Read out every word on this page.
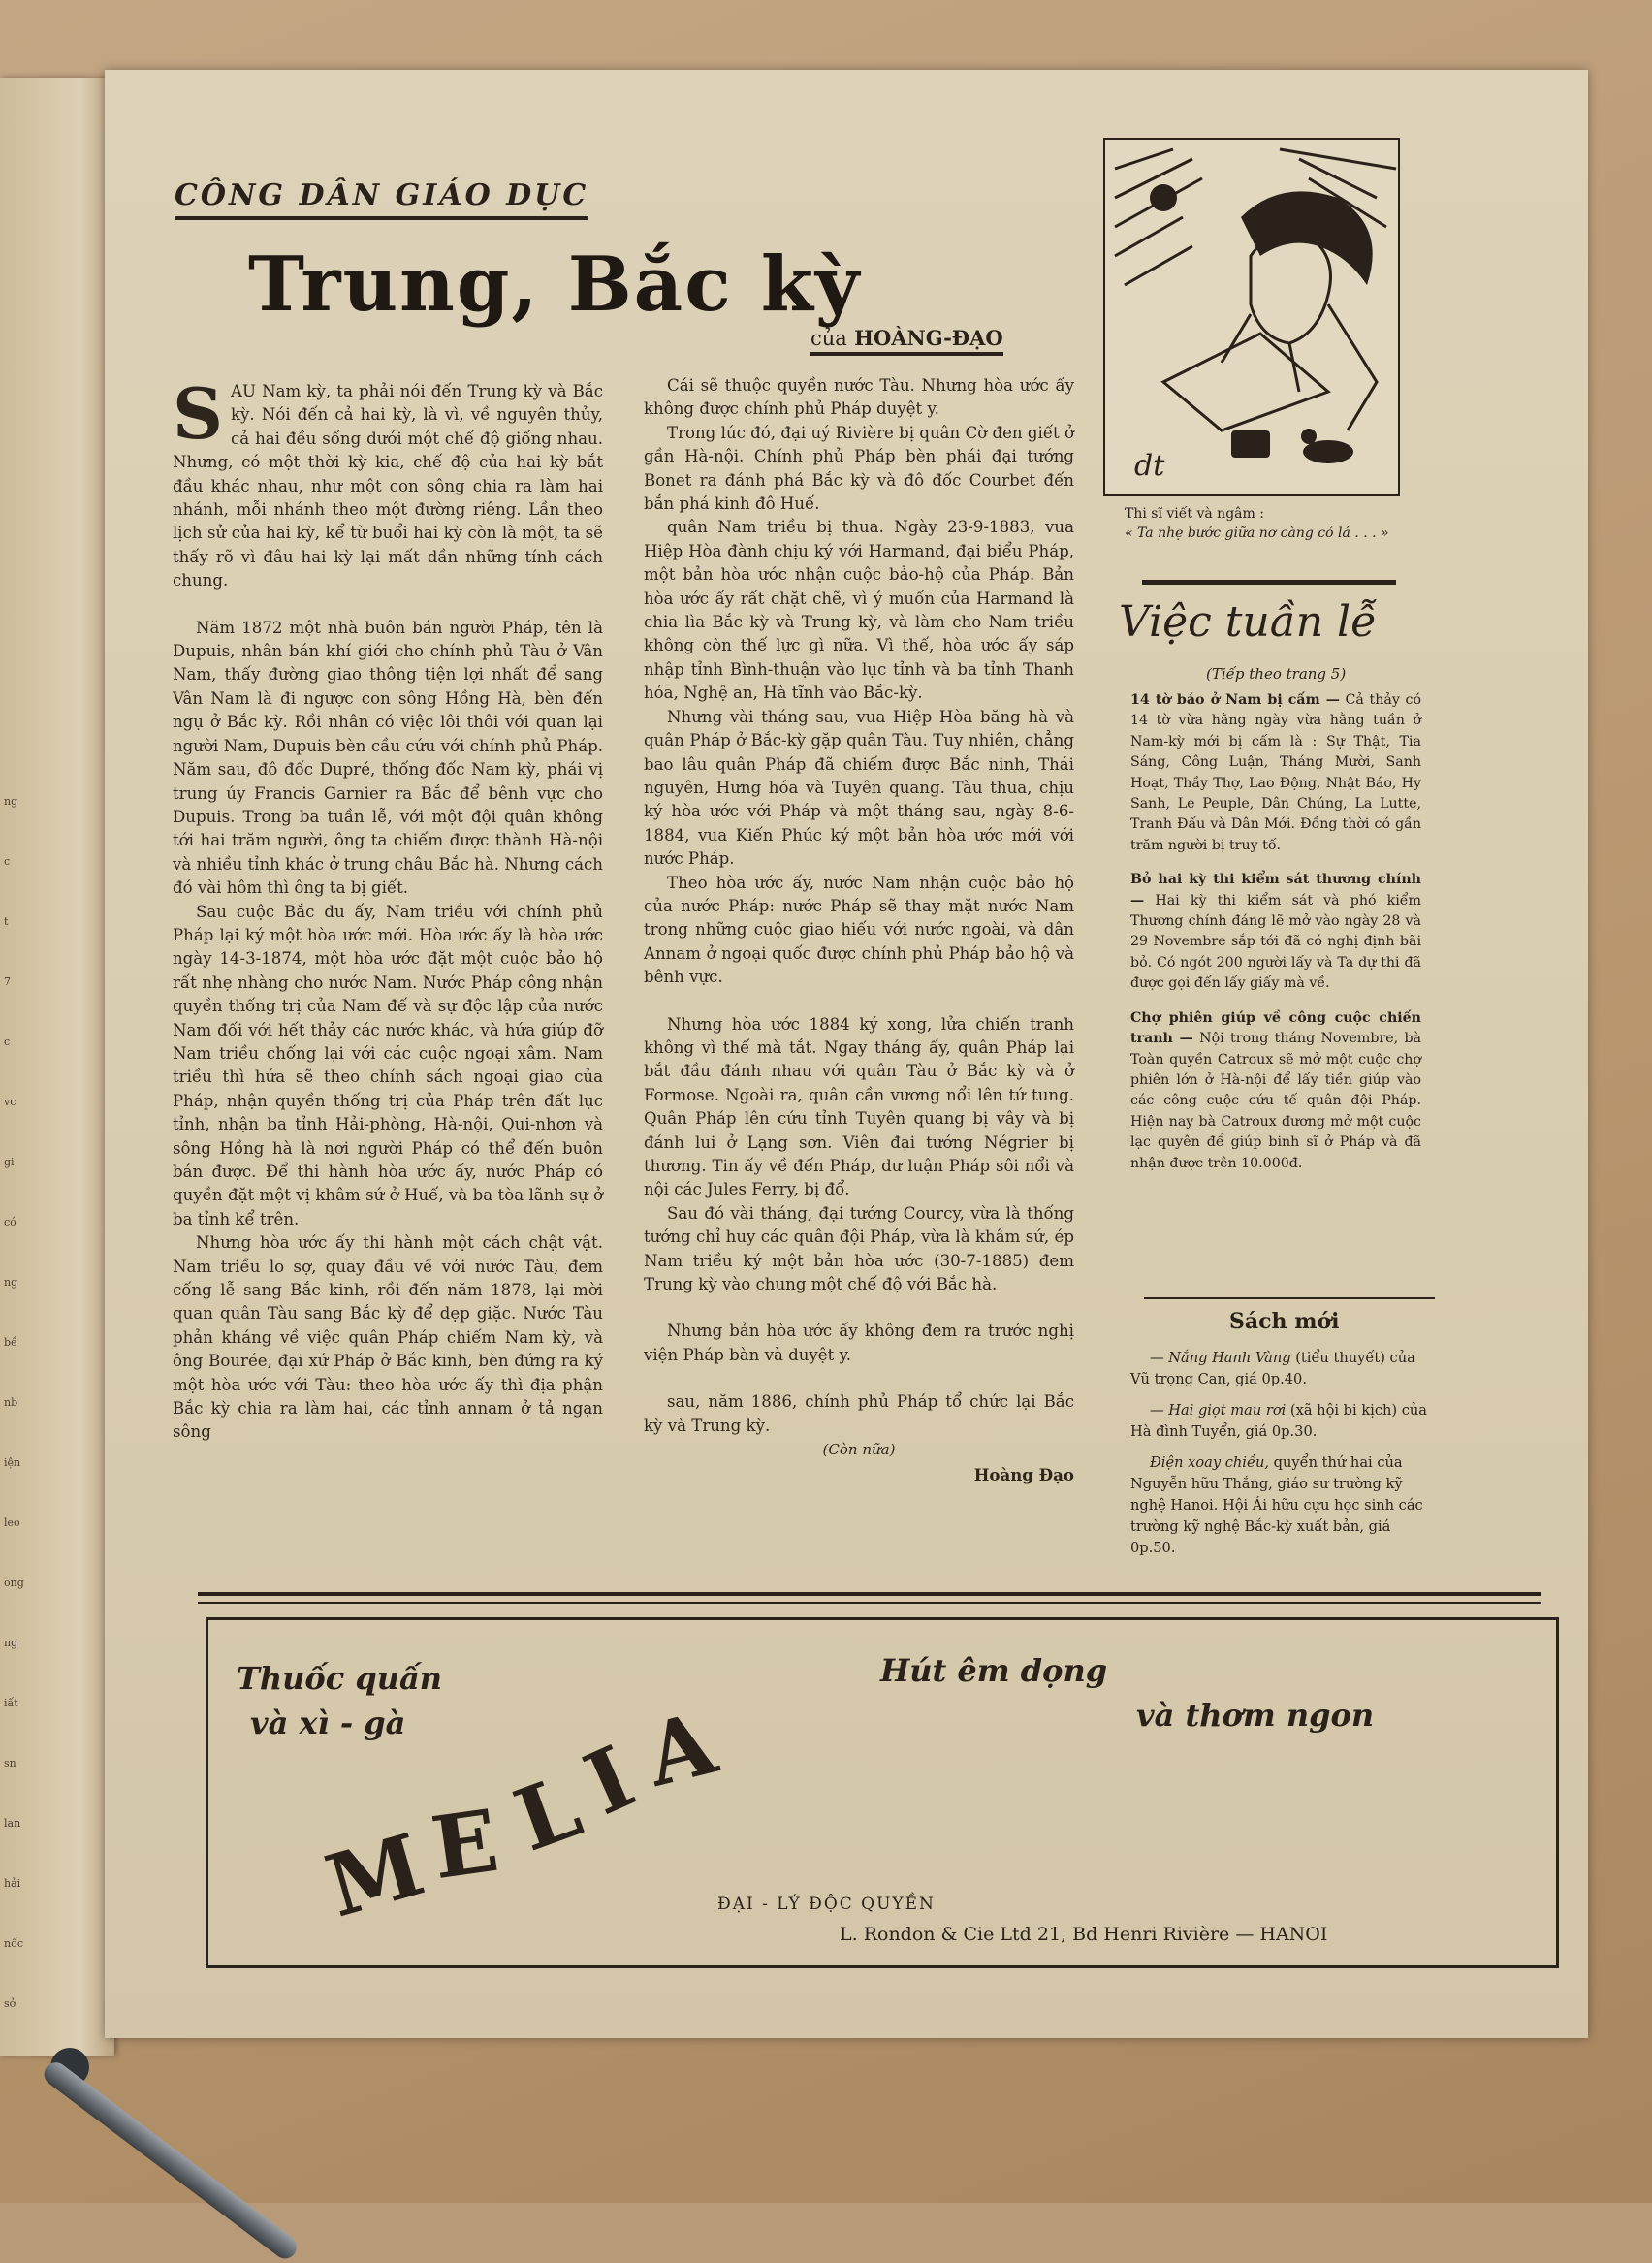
ng
c
t
7
c
vc
gi
có
ng
bề
nb
iện
leo
ong
ng
iất
sn
lan
hải
nốc
sở
CÔNG DÂN GIÁO DỤC
Trung, Bắc kỳ
của HOÀNG-ĐẠO

SAU Nam kỳ, ta phải nói đến Trung kỳ và Bắc kỳ. Nói đến cả hai kỳ, là vì, về nguyên thủy, cả hai đều sống dưới một chế độ giống nhau. Nhưng, có một thời kỳ kia, chế độ của hai kỳ bắt đầu khác nhau, như một con sông chia ra làm hai nhánh, mỗi nhánh theo một đường riêng. Lần theo lịch sử của hai kỳ, kể từ buổi hai kỳ còn là một, ta sẽ thấy rõ vì đâu hai kỳ lại mất dần những tính cách chung.

Năm 1872 một nhà buôn bán người Pháp, tên là Dupuis, nhân bán khí giới cho chính phủ Tàu ở Vân Nam, thấy đường giao thông tiện lợi nhất để sang Vân Nam là đi ngược con sông Hồng Hà, bèn đến ngụ ở Bắc kỳ. Rồi nhân có việc lôi thôi với quan lại người Nam, Dupuis bèn cầu cứu với chính phủ Pháp. Năm sau, đô đốc Dupré, thống đốc Nam kỳ, phái vị trung úy Francis Garnier ra Bắc để bênh vực cho Dupuis. Trong ba tuần lễ, với một đội quân không tới hai trăm người, ông ta chiếm được thành Hà-nội và nhiều tỉnh khác ở trung châu Bắc hà. Nhưng cách đó vài hôm thì ông ta bị giết.

Sau cuộc Bắc du ấy, Nam triều với chính phủ Pháp lại ký một hòa ước mới. Hòa ước ấy là hòa ước ngày 14-3-1874, một hòa ước đặt một cuộc bảo hộ rất nhẹ nhàng cho nước Nam. Nước Pháp công nhận quyền thống trị của Nam đế và sự độc lập của nước Nam đối với hết thảy các nước khác, và hứa giúp đỡ Nam triều chống lại với các cuộc ngoại xâm. Nam triều thì hứa sẽ theo chính sách ngoại giao của Pháp, nhận quyền thống trị của Pháp trên đất lục tỉnh, nhận ba tỉnh Hải-phòng, Hà-nội, Qui-nhơn và sông Hồng hà là nơi người Pháp có thể đến buôn bán được. Để thi hành hòa ước ấy, nước Pháp có quyền đặt một vị khâm sứ ở Huế, và ba tòa lãnh sự ở ba tỉnh kể trên.

Nhưng hòa ước ấy thi hành một cách chật vật. Nam triều lo sợ, quay đầu về với nước Tàu, đem cống lễ sang Bắc kinh, rồi đến năm 1878, lại mời quan quân Tàu sang Bắc kỳ để dẹp giặc. Nước Tàu phản kháng về việc quân Pháp chiếm Nam kỳ, và ông Bourée, đại xứ Pháp ở Bắc kinh, bèn đứng ra ký một hòa ước với Tàu: theo hòa ước ấy thì địa phận Bắc kỳ chia ra làm hai, các tỉnh annam ở tả ngạn sông

Cái sẽ thuộc quyền nước Tàu. Nhưng hòa ước ấy không được chính phủ Pháp duyệt y.

Trong lúc đó, đại uý Rivière bị quân Cờ đen giết ở gần Hà-nội. Chính phủ Pháp bèn phái đại tướng Bonet ra đánh phá Bắc kỳ và đô đốc Courbet đến bắn phá kinh đô Huế.

quân Nam triều bị thua. Ngày 23-9-1883, vua Hiệp Hòa đành chịu ký với Harmand, đại biểu Pháp, một bản hòa ước nhận cuộc bảo-hộ của Pháp. Bản hòa ước ấy rất chặt chẽ, vì ý muốn của Harmand là chia lìa Bắc kỳ và Trung kỳ, và làm cho Nam triều không còn thế lực gì nữa. Vì thế, hòa ước ấy sáp nhập tỉnh Bình-thuận vào lục tỉnh và ba tỉnh Thanh hóa, Nghệ an, Hà tĩnh vào Bắc-kỳ.

Nhưng vài tháng sau, vua Hiệp Hòa băng hà và quân Pháp ở Bắc-kỳ gặp quân Tàu. Tuy nhiên, chẳng bao lâu quân Pháp đã chiếm được Bắc ninh, Thái nguyên, Hưng hóa và Tuyên quang. Tàu thua, chịu ký hòa ước với Pháp và một tháng sau, ngày 8-6-1884, vua Kiến Phúc ký một bản hòa ước mới với nước Pháp.

Theo hòa ước ấy, nước Nam nhận cuộc bảo hộ của nước Pháp: nước Pháp sẽ thay mặt nước Nam trong những cuộc giao hiếu với nước ngoài, và dân Annam ở ngoại quốc được chính phủ Pháp bảo hộ và bênh vực.

Nhưng hòa ước 1884 ký xong, lửa chiến tranh không vì thế mà tắt. Ngay tháng ấy, quân Pháp lại bắt đầu đánh nhau với quân Tàu ở Bắc kỳ và ở Formose. Ngoài ra, quân cần vương nổi lên tứ tung. Quân Pháp lên cứu tỉnh Tuyên quang bị vây và bị đánh lui ở Lạng sơn. Viên đại tướng Négrier bị thương. Tin ấy về đến Pháp, dư luận Pháp sôi nổi và nội các Jules Ferry, bị đổ.

Sau đó vài tháng, đại tướng Courcy, vừa là thống tướng chỉ huy các quân đội Pháp, vừa là khâm sứ, ép Nam triều ký một bản hòa ước (30-7-1885) đem Trung kỳ vào chung một chế độ với Bắc hà.

Nhưng bản hòa ước ấy không đem ra trước nghị viện Pháp bàn và duyệt y.

sau, năm 1886, chính phủ Pháp tổ chức lại Bắc kỳ và Trung kỳ.

(Còn nữa)
Hoàng Đạo
dt
Thi sĩ viết và ngâm :
« Ta nhẹ bước giữa nơ càng cỏ lá . . . »
Việc tuần lễ
(Tiếp theo trang 5)

14 tờ báo ở Nam bị cấm — Cả thảy có 14 tờ vừa hằng ngày vừa hằng tuần ở Nam-kỳ mới bị cấm là : Sự Thật, Tia Sáng, Công Luận, Tháng Mười, Sanh Hoạt, Thầy Thợ, Lao Động, Nhật Báo, Hy Sanh, Le Peuple, Dân Chúng, La Lutte, Tranh Đấu và Dân Mới. Đồng thời có gần trăm người bị truy tố.

Bỏ hai kỳ thi kiểm sát thương chính — Hai kỳ thi kiểm sát và phó kiểm Thương chính đáng lẽ mở vào ngày 28 và 29 Novembre sắp tới đã có nghị định bãi bỏ. Có ngót 200 người lấy và Ta dự thi đã được gọi đến lấy giấy mà về.

Chợ phiên giúp về công cuộc chiến tranh — Nội trong tháng Novembre, bà Toàn quyền Catroux sẽ mở một cuộc chợ phiên lớn ở Hà-nội để lấy tiền giúp vào các công cuộc cứu tế quân đội Pháp. Hiện nay bà Catroux đương mở một cuộc lạc quyên để giúp binh sĩ ở Pháp và đã nhận được trên 10.000đ.

Sách mới

— Nắng Hanh Vàng (tiểu thuyết) của Vũ trọng Can, giá 0p.40.

— Hai giọt mau rơi (xã hội bi kịch) của Hà đình Tuyển, giá 0p.30.

Điện xoay chiều, quyển thứ hai của Nguyễn hữu Thắng, giáo sư trường kỹ nghệ Hanoi. Hội Ái hữu cựu học sinh các trường kỹ nghệ Bắc-kỳ xuất bản, giá 0p.50.

Thuốc quấn
và xì - gà
Hút êm dọng
và thơm ngon
M
E
L
I
A
ĐẠI - LÝ ĐỘC QUYỀN
L. Rondon & Cie Ltd 21, Bd Henri Rivière — HANOI
